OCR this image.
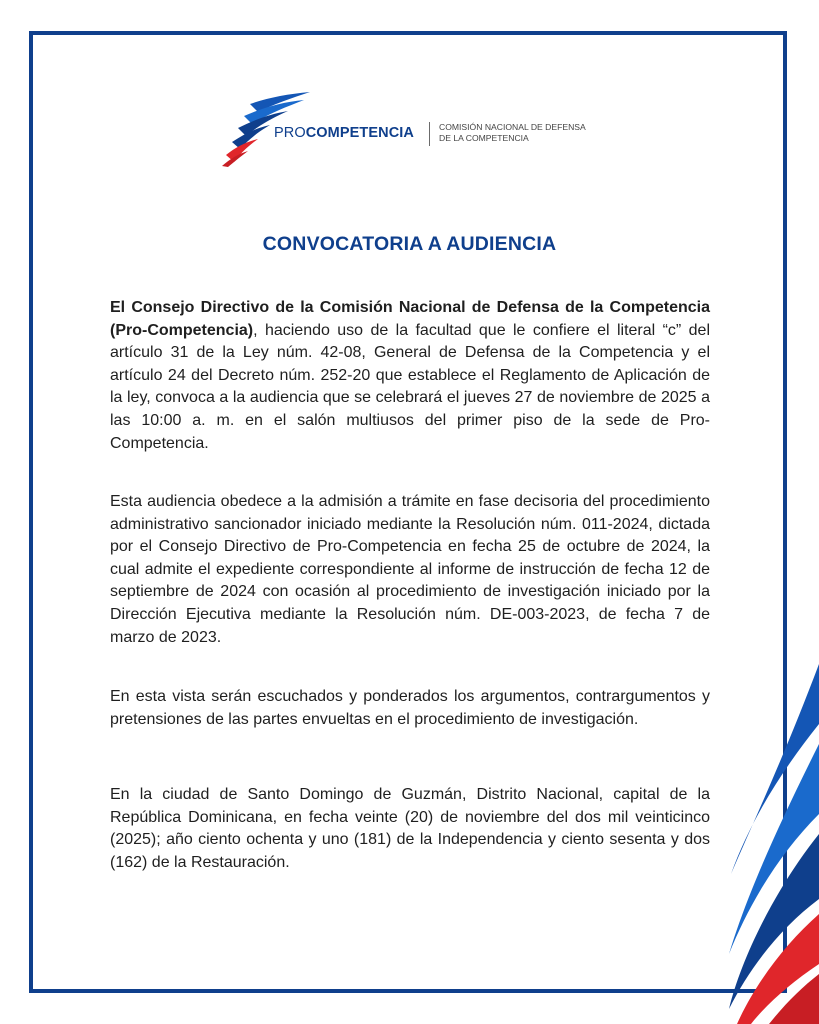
PROCOMPETENCIA	COMISIÓN NACIONAL DE DEFENSA
DE LA COMPETENCIA
CONVOCATORIA A AUDIENCIA
El Consejo Directivo de la Comisión Nacional de Defensa de la Competencia (Pro-Competencia), haciendo uso de la facultad que le confiere el literal “c” del artículo 31 de la Ley núm. 42-08, General de Defensa de la Competencia y el artículo 24 del Decreto núm. 252-20 que establece el Reglamento de Aplicación de la ley, convoca a la audiencia que se celebrará el jueves 27 de noviembre de 2025 a las 10:00 a. m. en el salón multiusos del primer piso de la sede de Pro-Competencia.
Esta audiencia obedece a la admisión a trámite en fase decisoria del procedimiento administrativo sancionador iniciado mediante la Resolución núm. 011-2024, dictada por el Consejo Directivo de Pro-Competencia en fecha 25 de octubre de 2024, la cual admite el expediente correspondiente al informe de instrucción de fecha 12 de septiembre de 2024 con ocasión al procedimiento de investigación iniciado por la Dirección Ejecutiva mediante la Resolución núm. DE-003-2023, de fecha 7 de marzo de 2023.
En esta vista serán escuchados y ponderados los argumentos, contrargumentos y pretensiones de las partes envueltas en el procedimiento de investigación.
En la ciudad de Santo Domingo de Guzmán, Distrito Nacional, capital de la República Dominicana, en fecha veinte (20) de noviembre del dos mil veinticinco (2025); año ciento ochenta y uno (181) de la Independencia y ciento sesenta y dos (162) de la Restauración.
